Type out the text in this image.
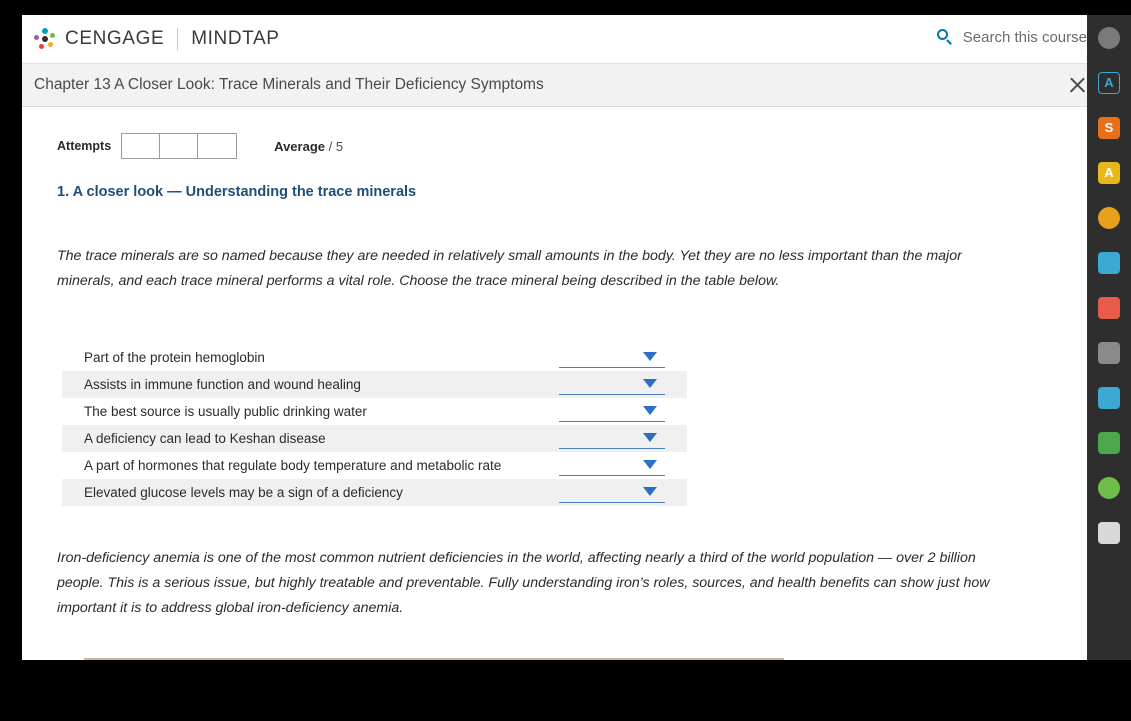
CENGAGE MINDTAP	Search this course
Chapter 13 A Closer Look: Trace Minerals and Their Deficiency Symptoms
Attempts	Average / 5
1. A closer look — Understanding the trace minerals
The trace minerals are so named because they are needed in relatively small amounts in the body. Yet they are no less important than the major minerals, and each trace mineral performs a vital role. Choose the trace mineral being described in the table below.
Part of the protein hemoglobin
Assists in immune function and wound healing
The best source is usually public drinking water
A deficiency can lead to Keshan disease
A part of hormones that regulate body temperature and metabolic rate
Elevated glucose levels may be a sign of a deficiency
Iron-deficiency anemia is one of the most common nutrient deficiencies in the world, affecting nearly a third of the world population — over 2 billion people. This is a serious issue, but highly treatable and preventable. Fully understanding iron's roles, sources, and health benefits can show just how important it is to address global iron-deficiency anemia.
A
S
A
